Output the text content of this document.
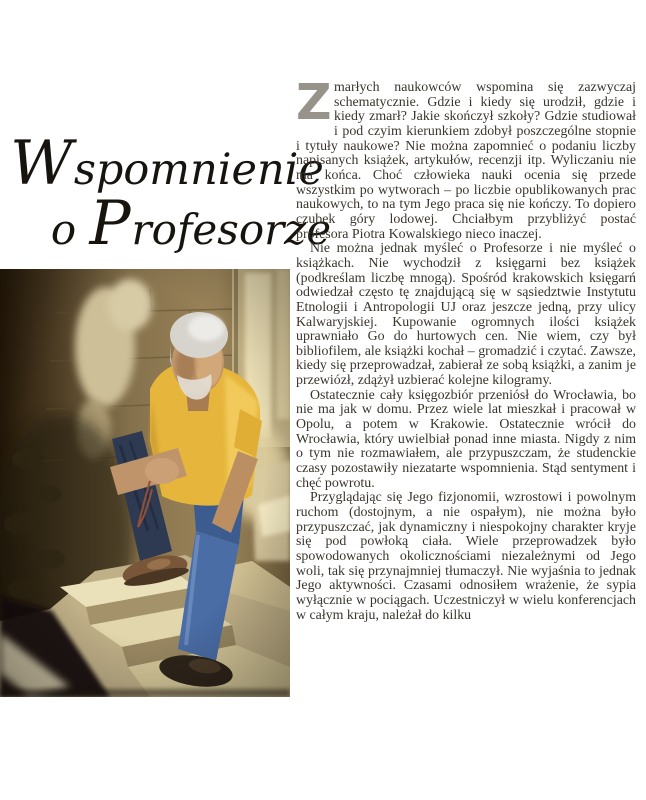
Wspomnienie
o Profesorze

Zmarłych naukowców wspomina się zazwyczaj schematycznie. Gdzie i kiedy się urodził, gdzie i kiedy zmarł? Jakie skończył szkoły? Gdzie studiował i pod czyim kierunkiem zdobył poszczególne stopnie i tytuły naukowe? Nie można zapomnieć o podaniu liczby napisanych książek, artykułów, recenzji itp. Wyliczaniu nie ma końca. Choć człowieka nauki ocenia się przede wszystkim po wytworach – po liczbie opublikowanych prac naukowych, to na tym Jego praca się nie kończy. To dopiero czubek góry lodowej. Chciałbym przybliżyć postać profesora Piotra Kowalskiego nieco inaczej.

Nie można jednak myśleć o Profesorze i nie myśleć o książkach. Nie wychodził z księgarni bez książek (podkreślam liczbę mnogą). Spośród krakowskich księgarń odwiedzał często tę znajdującą się w sąsiedztwie Instytutu Etnologii i Antropologii UJ oraz jeszcze jedną, przy ulicy Kalwaryjskiej. Kupowanie ogromnych ilości książek uprawniało Go do hurtowych cen. Nie wiem, czy był bibliofilem, ale książki kochał – gromadzić i czytać. Zawsze, kiedy się przeprowadzał, zabierał ze sobą książki, a zanim je przewiózł, zdążył uzbierać kolejne kilogramy.

Ostatecznie cały księgozbiór przeniósł do Wrocławia, bo nie ma jak w domu. Przez wiele lat mieszkał i pracował w Opolu, a potem w Krakowie. Ostatecznie wrócił do Wrocławia, który uwielbiał ponad inne miasta. Nigdy z nim o tym nie rozmawiałem, ale przypuszczam, że studenckie czasy pozostawiły niezatarte wspomnienia. Stąd sentyment i chęć powrotu.

Przyglądając się Jego fizjonomii, wzrostowi i powolnym ruchom (dostojnym, a nie ospałym), nie można było przypuszczać, jak dynamiczny i niespokojny charakter kryje się pod powłoką ciała. Wiele przeprowadzek było spowodowanych okolicznościami niezależnymi od Jego woli, tak się przynajmniej tłumaczył. Nie wyjaśnia to jednak Jego aktywności. Czasami odnosiłem wrażenie, że sypia wyłącznie w pociągach. Uczestniczył w wielu konferencjach w całym kraju, należał do kilku
